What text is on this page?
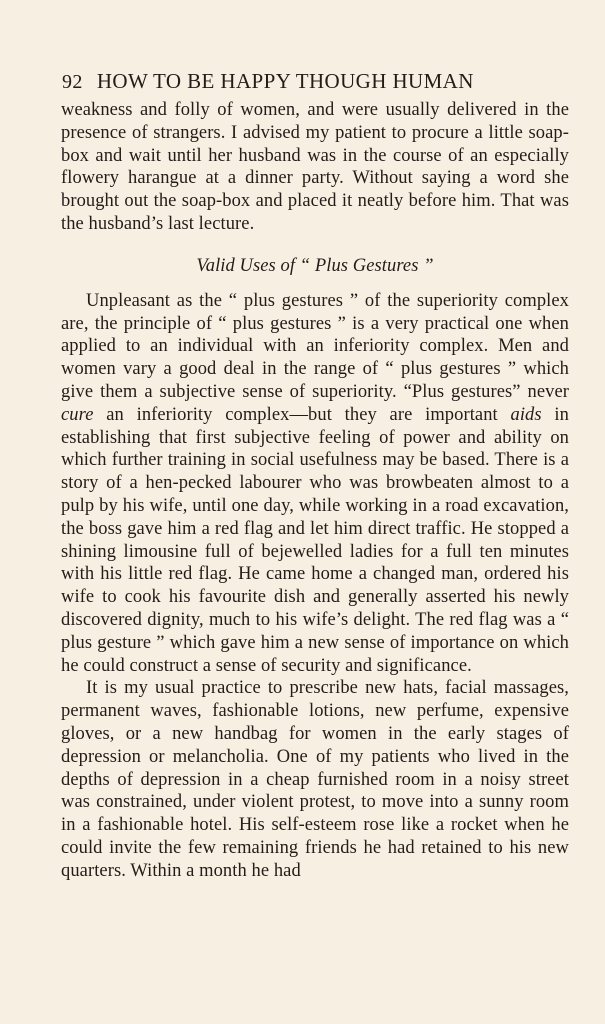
92 HOW TO BE HAPPY THOUGH HUMAN

weakness and folly of women, and were usually delivered in the presence of strangers. I advised my patient to procure a little soap-box and wait until her husband was in the course of an especially flowery harangue at a dinner party. Without saying a word she brought out the soap-box and placed it neatly before him. That was the husband’s last lecture.

Valid Uses of “ Plus Gestures ”

Unpleasant as the “ plus gestures ” of the superiority complex are, the principle of “ plus gestures ” is a very practical one when applied to an individual with an inferiority complex. Men and women vary a good deal in the range of “ plus gestures ” which give them a subjective sense of superiority. “Plus gestures” never cure an inferiority complex—but they are important aids in establishing that first subjective feeling of power and ability on which further training in social usefulness may be based. There is a story of a hen-pecked labourer who was browbeaten almost to a pulp by his wife, until one day, while working in a road excavation, the boss gave him a red flag and let him direct traffic. He stopped a shining limousine full of bejewelled ladies for a full ten minutes with his little red flag. He came home a changed man, ordered his wife to cook his favourite dish and generally asserted his newly discovered dignity, much to his wife’s delight. The red flag was a “ plus gesture ” which gave him a new sense of importance on which he could construct a sense of security and significance.

It is my usual practice to prescribe new hats, facial massages, permanent waves, fashionable lotions, new perfume, expensive gloves, or a new handbag for women in the early stages of depression or melancholia. One of my patients who lived in the depths of depression in a cheap furnished room in a noisy street was constrained, under violent protest, to move into a sunny room in a fashionable hotel. His self-esteem rose like a rocket when he could invite the few remaining friends he had retained to his new quarters. Within a month he had
